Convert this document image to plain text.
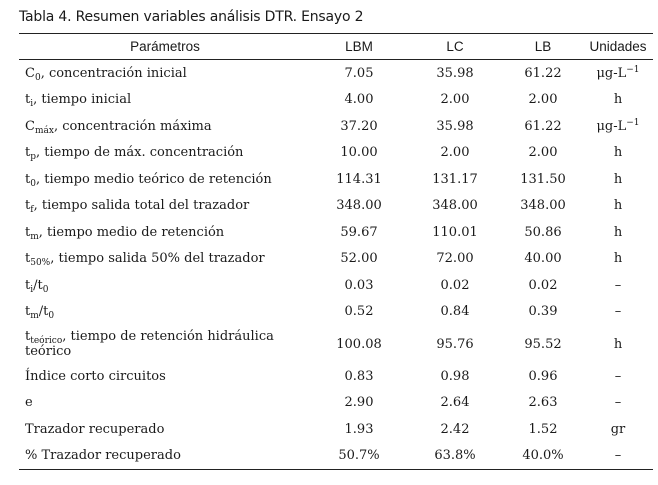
Tabla 4. Resumen variables análisis DTR. Ensayo 2
Parámetros	LBM	LC	LB	Unidades
$C_0$, concentración inicial	7.05	35.98	61.22	$\mu g-L^{-1}$
$t_i$, tiempo inicial	4.00	2.00	2.00	h
$C_{máx}$, concentración máxima	37.20	35.98	61.22	$\mu g-L^{-1}$
$t_p$, tiempo de máx. concentración	10.00	2.00	2.00	h
$t_0$, tiempo medio teórico de retención	114.31	131.17	131.50	h
$t_f$, tiempo salida total del trazador	348.00	348.00	348.00	h
$t_m$, tiempo medio de retención	59.67	110.01	50.86	h
$t_{50\%}$, tiempo salida 50% del trazador	52.00	72.00	40.00	h
$t_i/t_0$	0.03	0.02	0.02	–
$t_m/t_0$	0.52	0.84	0.39	–

$t_{teórico}$, tiempo de retención hidráulica teórico	100.08	95.76	95.52	h
Índice corto circuitos	0.83	0.98	0.96	–
e	2.90	2.64	2.63	–
Trazador recuperado	1.93	2.42	1.52	gr
% Trazador recuperado	50.7%	63.8%	40.0%	–
